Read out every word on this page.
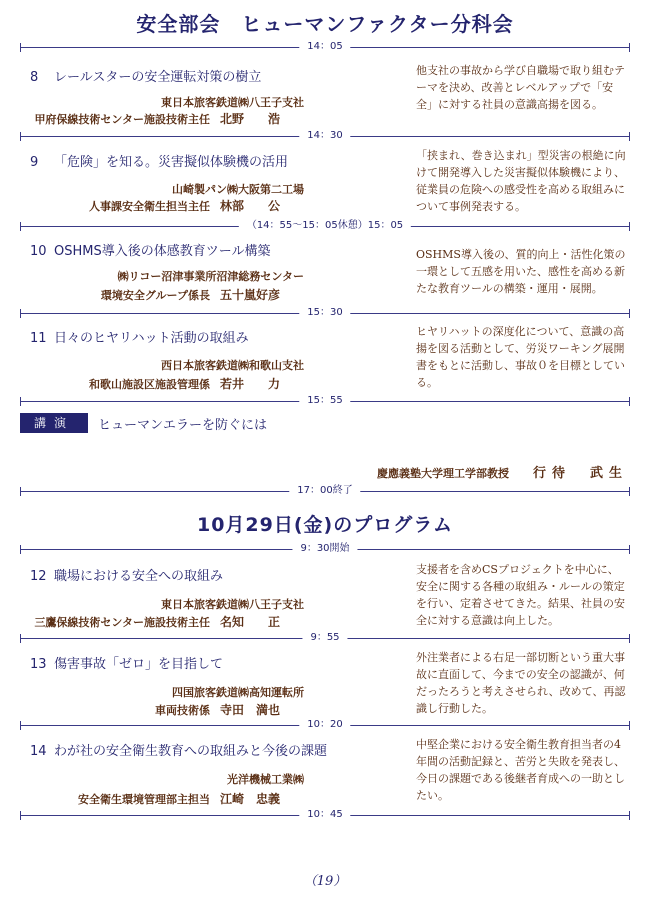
安全部会　ヒューマンファクター分科会
14：05
8 レールスターの安全運転対策の樹立
東日本旅客鉄道㈱八王子支社
甲府保線技術センター施設技術主任 北野　　浩
他支社の事故から学び自職場で取り組むテーマを決め、改善とレベルアップで「安全」に対する社員の意識高揚を図る。
14：30
9 「危険」を知る。災害擬似体験機の活用
山崎製パン㈱大阪第二工場
人事課安全衛生担当主任 林部　　公
「挟まれ、巻き込まれ」型災害の根絶に向けて開発導入した災害擬似体験機により、従業員の危険への感受性を高める取組みについて事例発表する。
（14：55〜15：05休憩）15：05
10 OSHMS導入後の体感教育ツール構築
㈱リコー沼津事業所沼津総務センター
環境安全グループ係長 五十嵐好彦
OSHMS導入後の、質的向上・活性化策の一環として五感を用いた、感性を高める新たな教育ツールの構築・運用・展開。
15：30
11 日々のヒヤリハット活動の取組み
西日本旅客鉄道㈱和歌山支社
和歌山施設区施設管理係 若井　　力
ヒヤリハットの深度化について、意識の高揚を図る活動として、労災ワーキング展開書をもとに活動し、事故０を目標としている。
15：55
講演	ヒューマンエラーを防ぐには
慶應義塾大学理工学部教授 行待　武生
17：00終了
10月29日(金)のプログラム
9：30開始
12 職場における安全への取組み
東日本旅客鉄道㈱八王子支社
三鷹保線技術センター施設技術主任 名知　　正
支援者を含めCSプロジェクトを中心に、安全に関する各種の取組み・ルールの策定を行い、定着させてきた。結果、社員の安全に対する意識は向上した。
9：55
13 傷害事故「ゼロ」を目指して
四国旅客鉄道㈱高知運転所
車両技術係 寺田　満也
外注業者による右足一部切断という重大事故に直面して、今までの安全の認識が、何だったろうと考えさせられ、改めて、再認識し行動した。
10：20
14 わが社の安全衛生教育への取組みと今後の課題
光洋機械工業㈱
安全衛生環境管理部主担当 江崎　忠義
中堅企業における安全衛生教育担当者の4年間の活動記録と、苦労と失敗を発表し、今日の課題である後継者育成への一助としたい。
10：45
（19）
